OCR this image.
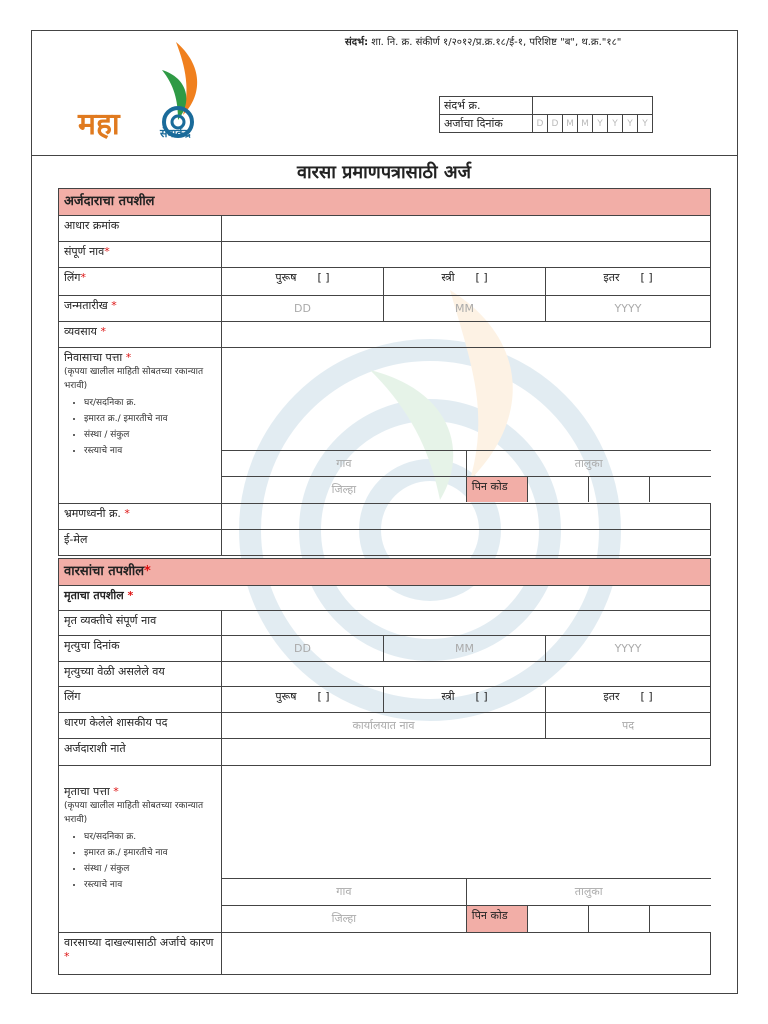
संदर्भ: शा. नि. क्र. संकीर्ण १/२०१२/प्र.क्र.१८/ई-१, परिशिष्ट "ब", थ.क्र."१८"
महा	सेवाकेंद्र
संदर्भ क्र.								
अर्जाचा दिनांक	D	D	M	M	Y	Y	Y	Y
वारसा प्रमाणपत्रासाठी अर्ज
अर्जदाराचा तपशील
आधार क्रमांक	
संपूर्ण नाव*	
लिंग*	पुरूष [ ]	स्त्री [ ]	इतर [ ]
जन्मतारीख *	DD	MM	YYYY
व्यवसाय *	

निवासाचा पत्ता *
(कृपया खालील माहिती सोबतच्या रकान्यात भरावी)
• घर/सदनिका क्र.
• इमारत क्र./ इमारतीचे नाव
• संस्था / संकुल
• रस्त्याचे नाव

गाव	तालुका
जिल्हा	पिन कोड			

भ्रमणध्वनी क्र. *	
ई-मेल	
वारसांचा तपशील*
मृताचा तपशील *
मृत व्यक्तीचे संपूर्ण नाव	
मृत्युचा दिनांक	DD	MM	YYYY
मृत्युच्या वेळी असलेले वय	
लिंग	पुरूष [ ]	स्त्री [ ]	इतर [ ]
धारण केलेले शासकीय पद	कार्यालयात नाव	पद
अर्जदाराशी नाते	

मृताचा पत्ता *
(कृपया खालील माहिती सोबतच्या रकान्यात भरावी)
• घर/सदनिका क्र.
• इमारत क्र./ इमारतीचे नाव
• संस्था / संकुल
• रस्त्याचे नाव
		गाव	तालुका
जिल्हा	पिन कोड			

वारसाच्या दाखल्यासाठी अर्जाचे कारण *	
